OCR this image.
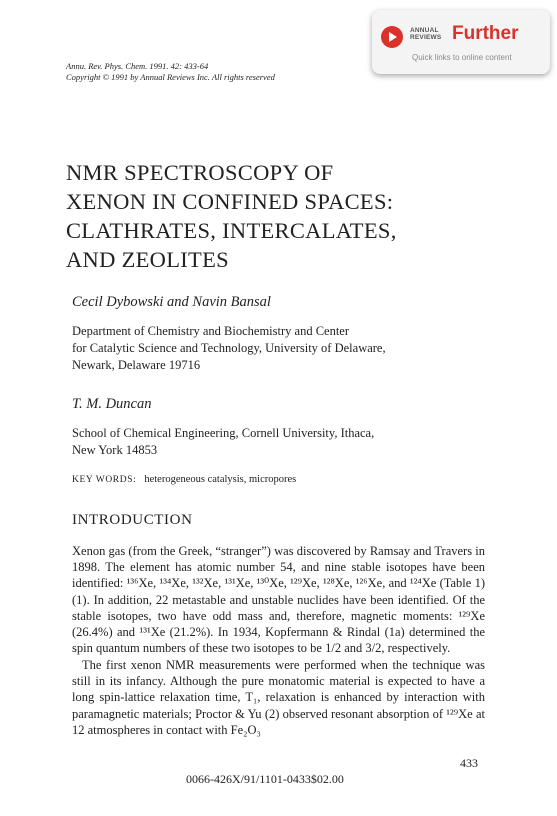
ANNUAL
REVIEWS Further
Quick links to online content
Annu. Rev. Phys. Chem. 1991. 42: 433-64
Copyright © 1991 by Annual Reviews Inc. All rights reserved
NMR SPECTROSCOPY OF
XENON IN CONFINED SPACES:
CLATHRATES, INTERCALATES,
AND ZEOLITES
Cecil Dybowski and Navin Bansal
Department of Chemistry and Biochemistry and Center
for Catalytic Science and Technology, University of Delaware,
Newark, Delaware 19716
T. M. Duncan
School of Chemical Engineering, Cornell University, Ithaca,
New York 14853
KEY WORDS: heterogeneous catalysis, micropores
INTRODUCTION
Xenon gas (from the Greek, “stranger”) was discovered by Ramsay and Travers in 1898. The element has atomic number 54, and nine stable isotopes have been identified: ¹³⁶Xe, ¹³⁴Xe, ¹³²Xe, ¹³¹Xe, ¹³⁰Xe, ¹²⁹Xe, ¹²⁸Xe, ¹²⁶Xe, and ¹²⁴Xe (Table 1) (1). In addition, 22 metastable and unstable nuclides have been identified. Of the stable isotopes, two have odd mass and, therefore, magnetic moments: ¹²⁹Xe (26.4%) and ¹³¹Xe (21.2%). In 1934, Kopfermann & Rindal (1a) determined the spin quantum numbers of these two isotopes to be 1/2 and 3/2, respectively.
The first xenon NMR measurements were performed when the technique was still in its infancy. Although the pure monatomic material is expected to have a long spin-lattice relaxation time, T₁, relaxation is enhanced by interaction with paramagnetic materials; Proctor & Yu (2) observed resonant absorption of ¹²⁹Xe at 12 atmospheres in contact with Fe₂O₃
433
0066-426X/91/1101-0433$02.00
